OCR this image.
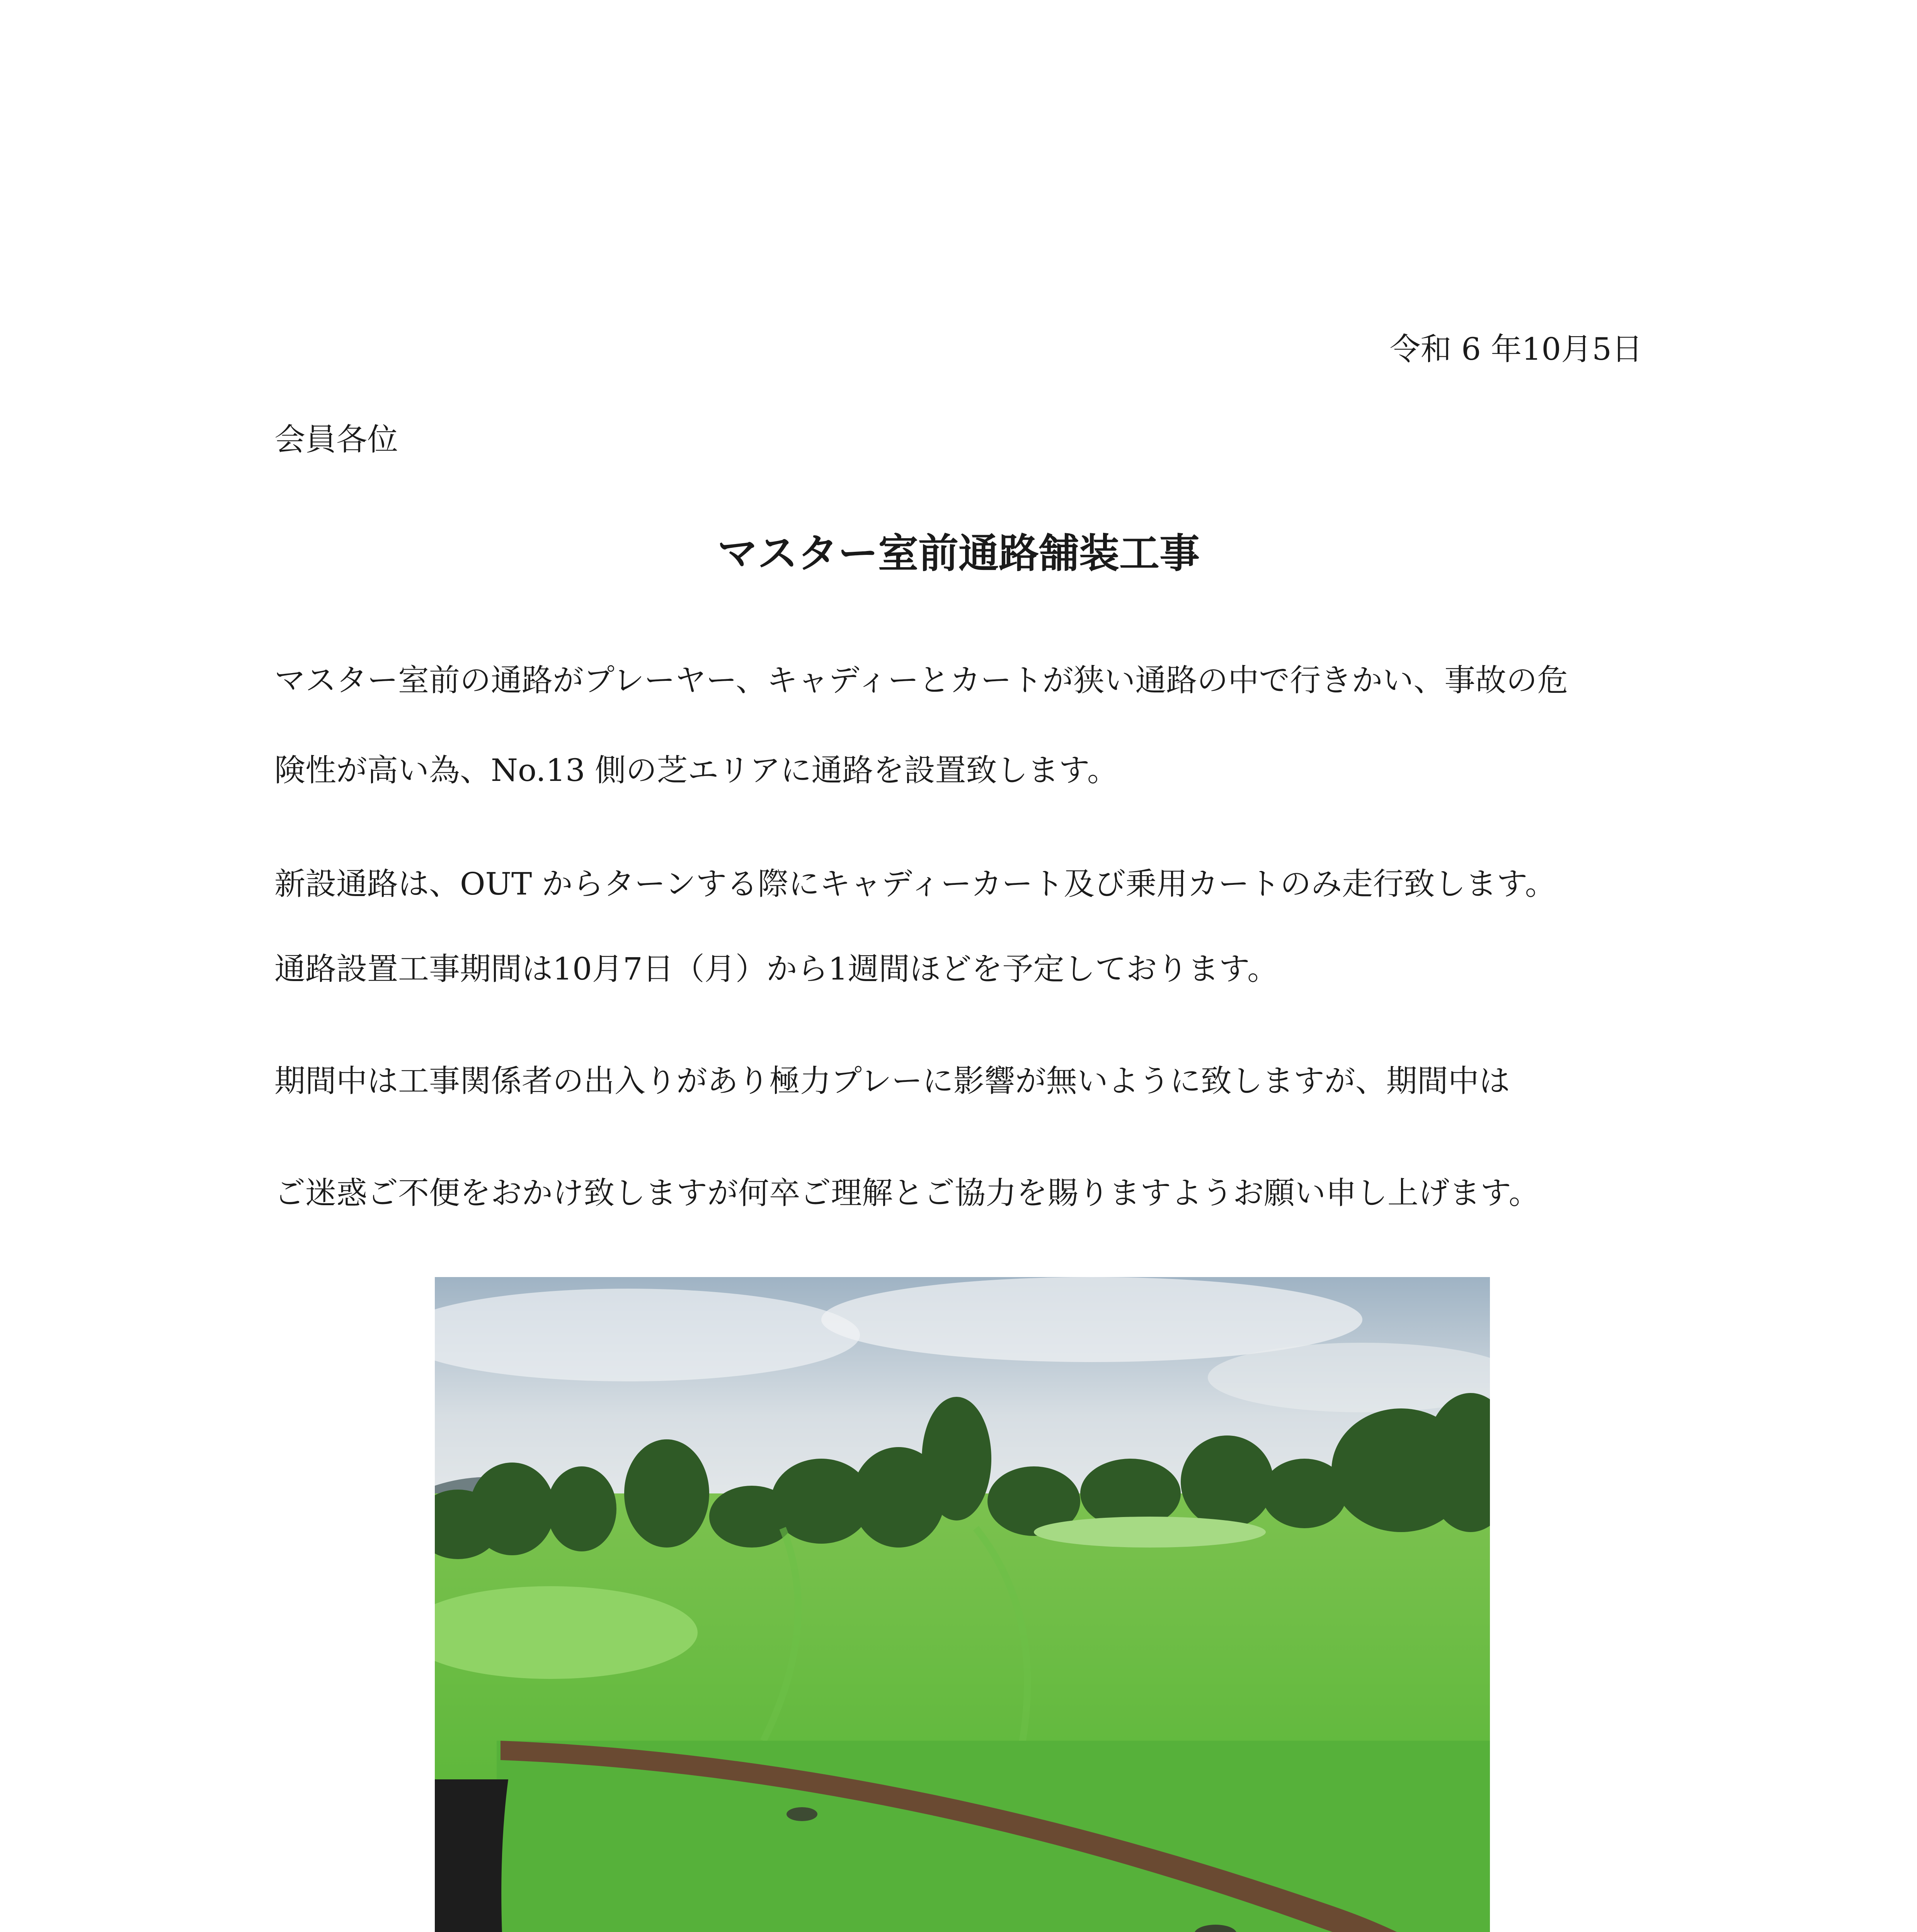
令和 6 年10月5日

会員各位

マスター室前通路舗装工事

マスター室前の通路がプレーヤー、キャディーとカートが狭い通路の中で行きかい、事故の危

険性が高い為、No.13 側の芝エリアに通路を設置致します。

新設通路は、OUT からターンする際にキャディーカート及び乗用カートのみ走行致します。

通路設置工事期間は10月7日（月）から1週間ほどを予定しております。

期間中は工事関係者の出入りがあり極力プレーに影響が無いように致しますが、期間中は

ご迷惑ご不便をおかけ致しますが何卒ご理解とご協力を賜りますようお願い申し上げます。
